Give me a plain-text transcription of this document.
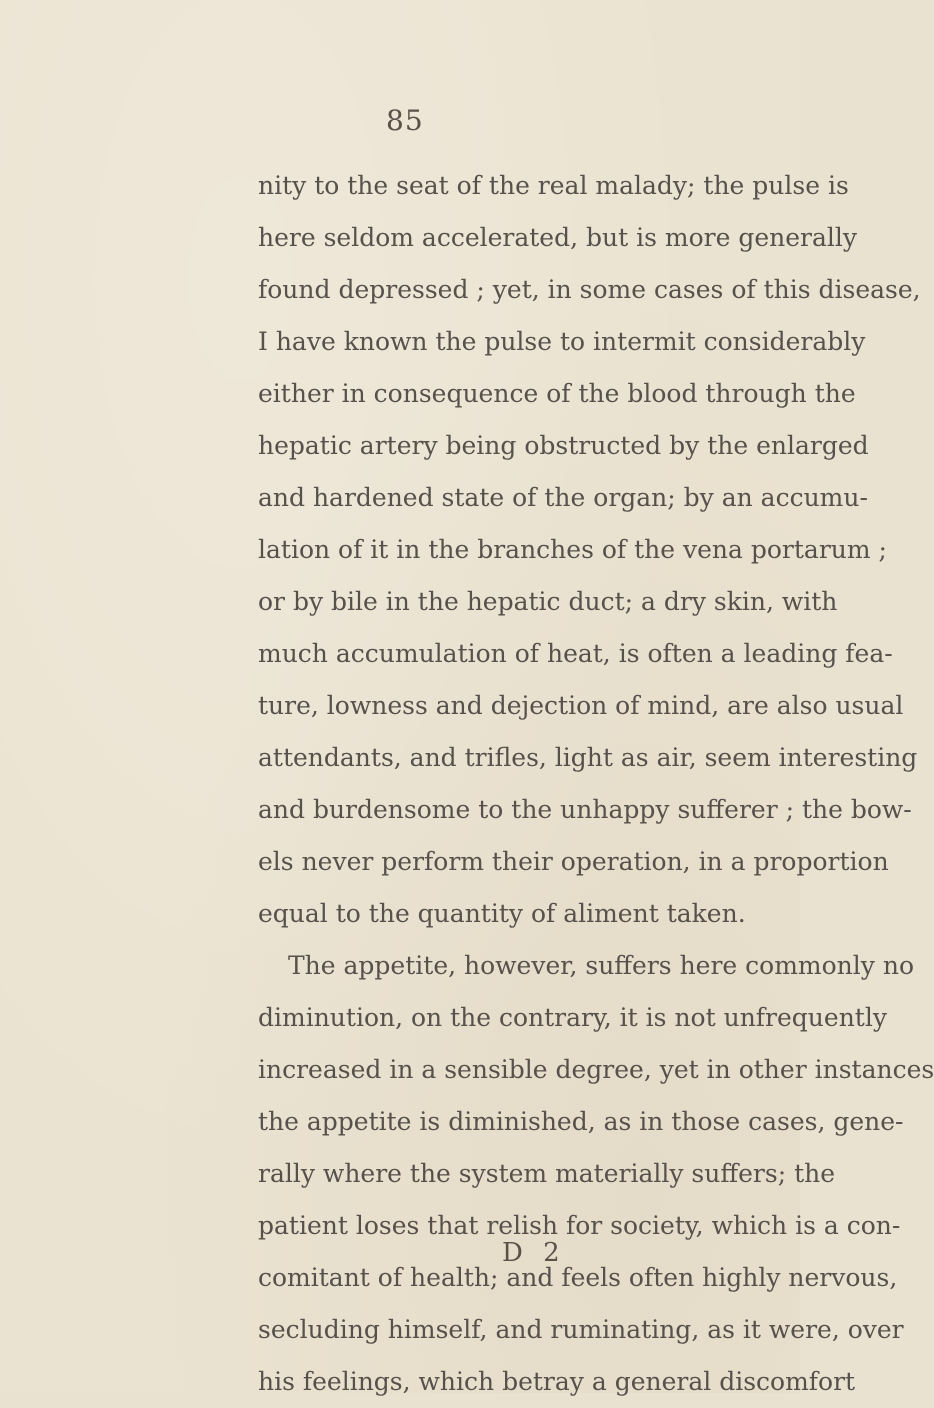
85
nity to the seat of the real malady; the pulse is
here seldom accelerated, but is more generally
found depressed ; yet, in some cases of this disease,
I have known the pulse to intermit considerably
either in consequence of the blood through the
hepatic artery being obstructed by the enlarged
and hardened state of the organ; by an accumu-
lation of it in the branches of the vena portarum ;
or by bile in the hepatic duct; a dry skin, with
much accumulation of heat, is often a leading fea-
ture, lowness and dejection of mind, are also usual
attendants, and trifles, light as air, seem interesting
and burdensome to the unhappy sufferer ; the bow-
els never perform their operation, in a proportion
equal to the quantity of aliment taken.
The appetite, however, suffers here commonly no
diminution, on the contrary, it is not unfrequently
increased in a sensible degree, yet in other instances
the appetite is diminished, as in those cases, gene-
rally where the system materially suffers; the
patient loses that relish for society, which is a con-
comitant of health; and feels often highly nervous,
secluding himself, and ruminating, as it were, over
his feelings, which betray a general discomfort
D 2
